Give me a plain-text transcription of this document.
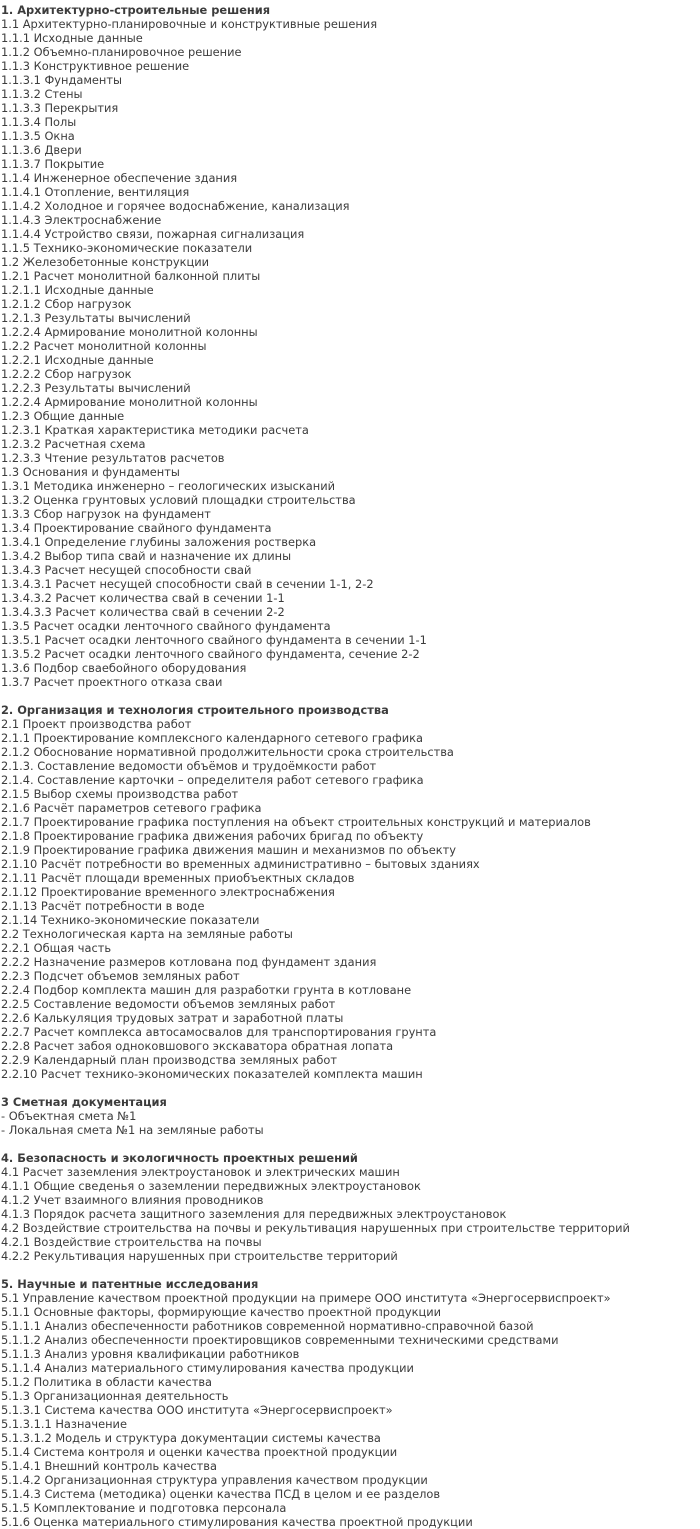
1. Архитектурно-строительные решения
1.1 Архитектурно-планировочные и конструктивные решения
1.1.1 Исходные данные
1.1.2 Объемно-планировочное решение
1.1.3 Конструктивное решение
1.1.3.1 Фундаменты
1.1.3.2 Стены
1.1.3.3 Перекрытия
1.1.3.4 Полы
1.1.3.5 Окна
1.1.3.6 Двери
1.1.3.7 Покрытие
1.1.4 Инженерное обеспечение здания
1.1.4.1 Отопление, вентиляция
1.1.4.2 Холодное и горячее водоснабжение, канализация
1.1.4.3 Электроснабжение
1.1.4.4 Устройство связи, пожарная сигнализация
1.1.5 Технико-экономические показатели
1.2 Железобетонные конструкции
1.2.1 Расчет монолитной балконной плиты
1.2.1.1 Исходные данные
1.2.1.2 Сбор нагрузок
1.2.1.3 Результаты вычислений
1.2.2.4 Армирование монолитной колонны
1.2.2 Расчет монолитной колонны
1.2.2.1 Исходные данные
1.2.2.2 Сбор нагрузок
1.2.2.3 Результаты вычислений
1.2.2.4 Армирование монолитной колонны
1.2.3 Общие данные
1.2.3.1 Краткая характеристика методики расчета
1.2.3.2 Расчетная схема
1.2.3.3 Чтение результатов расчетов
1.3 Основания и фундаменты
1.3.1 Методика инженерно – геологических изысканий
1.3.2 Оценка грунтовых условий площадки строительства
1.3.3 Сбор нагрузок на фундамент
1.3.4 Проектирование свайного фундамента
1.3.4.1 Определение глубины заложения ростверка
1.3.4.2 Выбор типа свай и назначение их длины
1.3.4.3 Расчет несущей способности свай
1.3.4.3.1 Расчет несущей способности свай в сечении 1-1, 2-2
1.3.4.3.2 Расчет количества свай в сечении 1-1
1.3.4.3.3 Расчет количества свай в сечении 2-2
1.3.5 Расчет осадки ленточного свайного фундамента
1.3.5.1 Расчет осадки ленточного свайного фундамента в сечении 1-1
1.3.5.2 Расчет осадки ленточного свайного фундамента, сечение 2-2
1.3.6 Подбор сваебойного оборудования
1.3.7 Расчет проектного отказа сваи
2. Организация и технология строительного производства
2.1 Проект производства работ
2.1.1 Проектирование комплексного календарного сетевого графика
2.1.2 Обоснование нормативной продолжительности срока строительства
2.1.3. Составление ведомости объёмов и трудоёмкости работ
2.1.4. Составление карточки – определителя работ сетевого графика
2.1.5 Выбор схемы производства работ
2.1.6 Расчёт параметров сетевого графика
2.1.7 Проектирование графика поступления на объект строительных конструкций и материалов
2.1.8 Проектирование графика движения рабочих бригад по объекту
2.1.9 Проектирование графика движения машин и механизмов по объекту
2.1.10 Расчёт потребности во временных административно – бытовых зданиях
2.1.11 Расчёт площади временных приобъектных складов
2.1.12 Проектирование временного электроснабжения
2.1.13 Расчёт потребности в воде
2.1.14 Технико-экономические показатели
2.2 Технологическая карта на земляные работы
2.2.1 Общая часть
2.2.2 Назначение размеров котлована под фундамент здания
2.2.3 Подсчет объемов земляных работ
2.2.4 Подбор комплекта машин для разработки грунта в котловане
2.2.5 Составление ведомости объемов земляных работ
2.2.6 Калькуляция трудовых затрат и заработной платы
2.2.7 Расчет комплекса автосамосвалов для транспортирования грунта
2.2.8 Расчет забоя одноковшового экскаватора обратная лопата
2.2.9 Календарный план производства земляных работ
2.2.10 Расчет технико-экономических показателей комплекта машин
3 Сметная документация
- Объектная смета №1
- Локальная смета №1 на земляные работы
4. Безопасность и экологичность проектных решений
4.1 Расчет заземления электроустановок и электрических машин
4.1.1 Общие сведенья о заземлении передвижных электроустановок
4.1.2 Учет взаимного влияния проводников
4.1.3 Порядок расчета защитного заземления для передвижных электроустановок
4.2 Воздействие строительства на почвы и рекультивация нарушенных при строительстве территорий
4.2.1 Воздействие строительства на почвы
4.2.2 Рекультивация нарушенных при строительстве территорий
5. Научные и патентные исследования
5.1 Управление качеством проектной продукции на примере ООО института «Энергосервиспроект»
5.1.1 Основные факторы, формирующие качество проектной продукции
5.1.1.1 Анализ обеспеченности работников современной нормативно-справочной базой
5.1.1.2 Анализ обеспеченности проектировщиков современными техническими средствами
5.1.1.3 Анализ уровня квалификации работников
5.1.1.4 Анализ материального стимулирования качества продукции
5.1.2 Политика в области качества
5.1.3 Организационная деятельность
5.1.3.1 Система качества ООО института «Энергосервиспроект»
5.1.3.1.1 Назначение
5.1.3.1.2 Модель и структура документации системы качества
5.1.4 Система контроля и оценки качества проектной продукции
5.1.4.1 Внешний контроль качества
5.1.4.2 Организационная структура управления качеством продукции
5.1.4.3 Система (методика) оценки качества ПСД в целом и ее разделов
5.1.5 Комплектование и подготовка персонала
5.1.6 Оценка материального стимулирования качества проектной продукции
